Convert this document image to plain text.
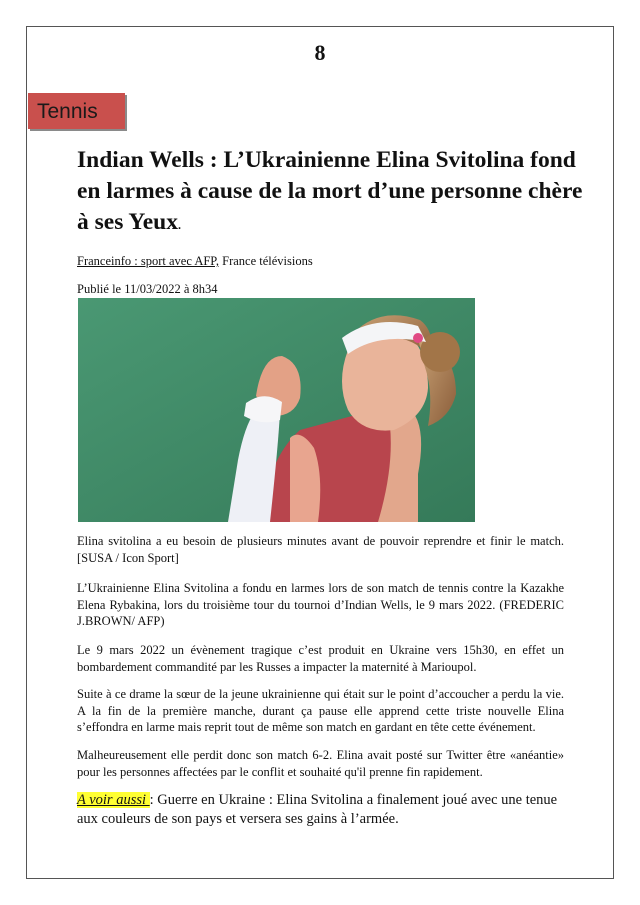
8
Tennis
Indian Wells : L’Ukrainienne Elina Svitolina fond en larmes à cause de la mort d’une personne chère à ses Yeux.
Franceinfo : sport avec AFP, France télévisions
Publié le 11/03/2022 à 8h34

Elina svitolina a eu besoin de plusieurs minutes avant de pouvoir reprendre et finir le match. [SUSA / Icon Sport]

L’Ukrainienne Elina Svitolina a fondu en larmes lors de son match de tennis contre la Kazakhe Elena Rybakina, lors du troisième tour du tournoi d’Indian Wells, le 9 mars 2022. (FREDERIC J.BROWN/ AFP)

Le 9 mars 2022 un évènement tragique c’est produit en Ukraine vers 15h30, en effet un bombardement commandité par les Russes a impacter la maternité à Marioupol.

Suite à ce drame la sœur de la jeune ukrainienne qui était sur le point d’accoucher a perdu la vie. A la fin de la première manche, durant ça pause elle apprend cette triste nouvelle Elina s’effondra en larme mais reprit tout de même son match en gardant en tête cette événement.

Malheureusement elle perdit donc son match 6-2. Elina avait posté sur Twitter être «anéantie» pour les personnes affectées par le conflit et souhaité qu'il prenne fin rapidement.

A voir aussi : Guerre en Ukraine : Elina Svitolina a finalement joué avec une tenue aux couleurs de son pays et versera ses gains à l’armée.
